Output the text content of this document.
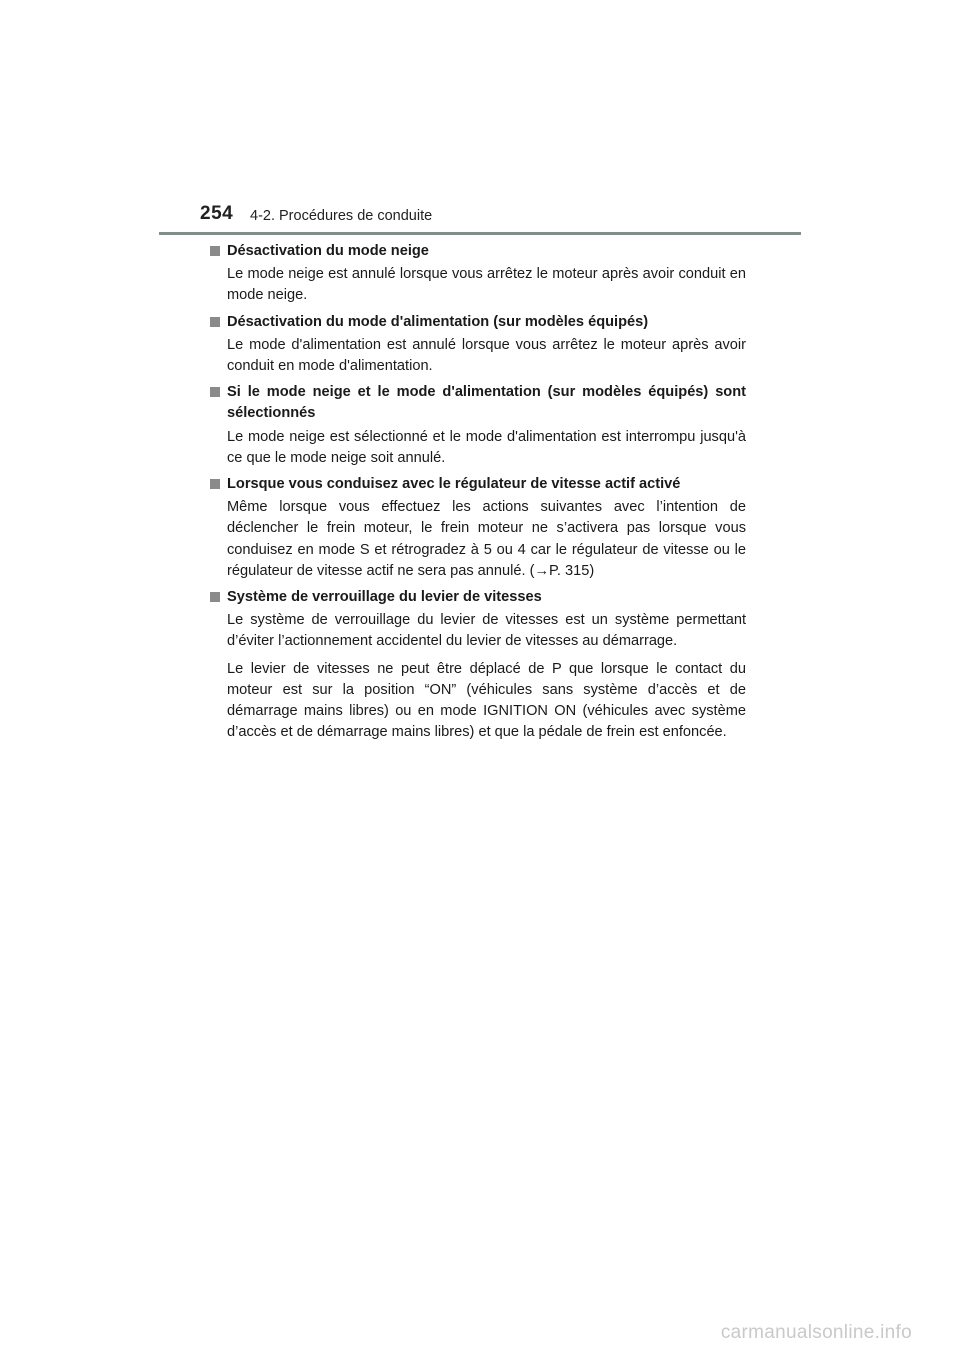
254 4-2. Procédures de conduite
Désactivation du mode neige
Le mode neige est annulé lorsque vous arrêtez le moteur après avoir conduit en mode neige.
Désactivation du mode d'alimentation (sur modèles équipés)
Le mode d'alimentation est annulé lorsque vous arrêtez le moteur après avoir conduit en mode d'alimentation.
Si le mode neige et le mode d'alimentation (sur modèles équipés) sont sélectionnés
Le mode neige est sélectionné et le mode d'alimentation est interrompu jusqu'à ce que le mode neige soit annulé.
Lorsque vous conduisez avec le régulateur de vitesse actif activé
Même lorsque vous effectuez les actions suivantes avec l’intention de déclencher le frein moteur, le frein moteur ne s’activera pas lorsque vous conduisez en mode S et rétrogradez à 5 ou 4 car le régulateur de vitesse ou le régulateur de vitesse actif ne sera pas annulé. (→P. 315)
Système de verrouillage du levier de vitesses
Le système de verrouillage du levier de vitesses est un système permettant d’éviter l’actionnement accidentel du levier de vitesses au démarrage.
Le levier de vitesses ne peut être déplacé de P que lorsque le contact du moteur est sur la position “ON” (véhicules sans système d’accès et de démarrage mains libres) ou en mode IGNITION ON (véhicules avec système d’accès et de démarrage mains libres) et que la pédale de frein est enfoncée.
carmanualsonline.info
